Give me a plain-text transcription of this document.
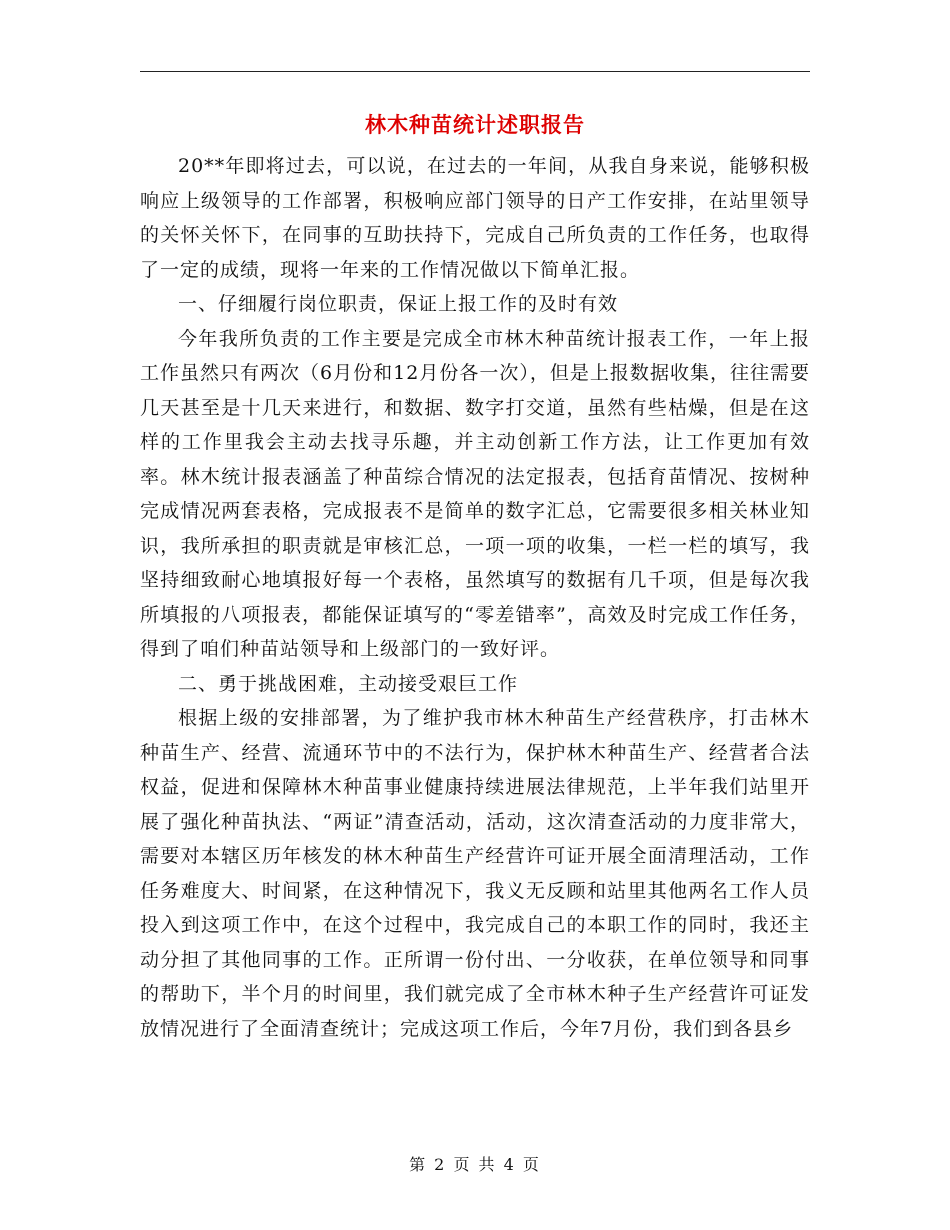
林木种苗统计述职报告

20**年即将过去，可以说，在过去的一年间，从我自身来说，能够积极响应上级领导的工作部署，积极响应部门领导的日产工作安排，在站里领导的关怀关怀下，在同事的互助扶持下，完成自己所负责的工作任务，也取得了一定的成绩，现将一年来的工作情况做以下简单汇报。

一、仔细履行岗位职责，保证上报工作的及时有效

今年我所负责的工作主要是完成全市林木种苗统计报表工作，一年上报工作虽然只有两次（6月份和12月份各一次），但是上报数据收集，往往需要几天甚至是十几天来进行，和数据、数字打交道，虽然有些枯燥，但是在这样的工作里我会主动去找寻乐趣，并主动创新工作方法，让工作更加有效率。林木统计报表涵盖了种苗综合情况的法定报表，包括育苗情况、按树种完成情况两套表格，完成报表不是简单的数字汇总，它需要很多相关林业知识，我所承担的职责就是审核汇总，一项一项的收集，一栏一栏的填写，我坚持细致耐心地填报好每一个表格，虽然填写的数据有几千项，但是每次我所填报的八项报表，都能保证填写的“零差错率”，高效及时完成工作任务，得到了咱们种苗站领导和上级部门的一致好评。

二、勇于挑战困难，主动接受艰巨工作

根据上级的安排部署，为了维护我市林木种苗生产经营秩序，打击林木种苗生产、经营、流通环节中的不法行为，保护林木种苗生产、经营者合法权益，促进和保障林木种苗事业健康持续进展法律规范，上半年我们站里开展了强化种苗执法、“两证”清查活动，活动，这次清查活动的力度非常大，需要对本辖区历年核发的林木种苗生产经营许可证开展全面清理活动，工作任务难度大、时间紧，在这种情况下，我义无反顾和站里其他两名工作人员投入到这项工作中，在这个过程中，我完成自己的本职工作的同时，我还主动分担了其他同事的工作。正所谓一份付出、一分收获，在单位领导和同事的帮助下，半个月的时间里，我们就完成了全市林木种子生产经营许可证发放情况进行了全面清查统计；完成这项工作后，今年7月份，我们到各县乡

第 2 页 共 4 页
